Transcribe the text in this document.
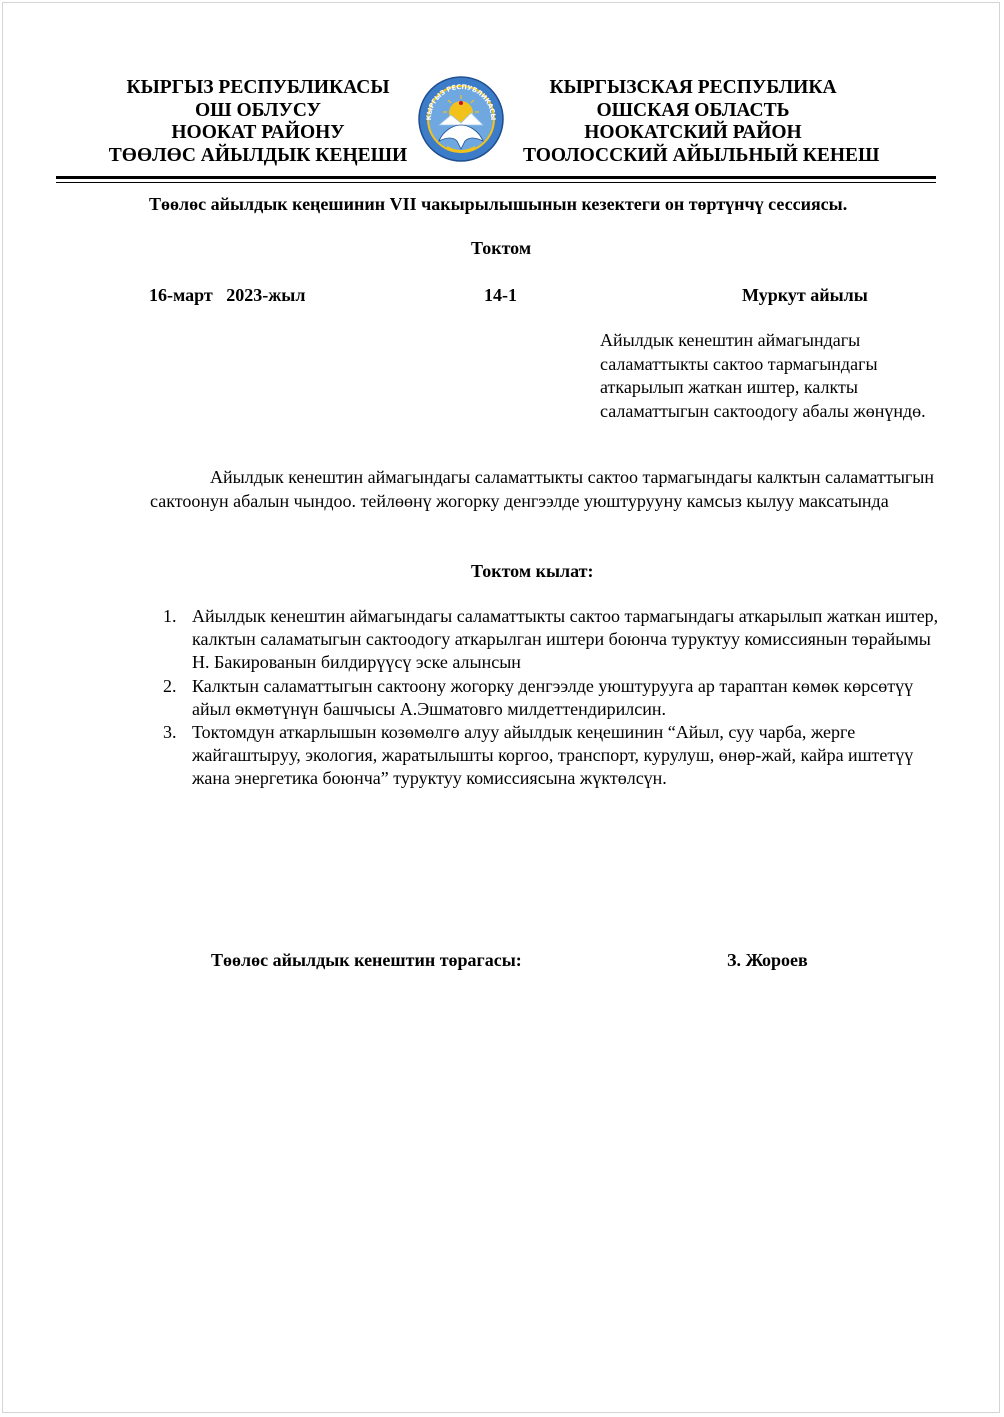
КЫРГЫЗ РЕСПУБЛИКАСЫ
ОШ ОБЛУСУ
НООКАТ РАЙОНУ
ТӨӨЛӨС АЙЫЛДЫК КЕҢЕШИ
КЫРГЫЗ РЕСПУБЛИКАСЫ
КЫРГЫЗСКАЯ РЕСПУБЛИКА
ОШСКАЯ ОБЛАСТЬ
НООКАТСКИЙ РАЙОН
ТООЛОССКИЙ АЙЫЛЬНЫЙ КЕНЕШ
Төөлөс айылдык кеңешинин VII чакырылышынын кезектеги он төртүнчү сессиясы.
Токтом
16-март   2023-жыл	14-1	Муркут айылы
Айылдык кенештин аймагындагы саламаттыкты сактоо тармагындагы аткарылып жаткан иштер, калкты саламаттыгын сактоодогу абалы жөнүндө.
Айылдык кенештин аймагындагы саламаттыкты сактоо тармагындагы калктын саламаттыгын сактоонун абалын чындоо. тейлөөнү жогорку денгээлде уюштурууну камсыз кылуу максатында
Токтом кылат:
1. Айылдык кенештин аймагындагы саламаттыкты сактоо тармагындагы аткарылып жаткан иштер, калктын саламатыгын сактоодогу аткарылган иштери боюнча туруктуу комиссиянын төрайымы Н. Бакированын билдирүүсү эске алынсын
2. Калктын саламаттыгын сактоону жогорку денгээлде уюштурууга ар тараптан көмөк көрсөтүү айыл өкмөтүнүн башчысы А.Эшматовго милдеттендирилсин.
3. Токтомдун аткарлышын козөмөлгө алуу айылдык кеңешинин “Айыл, суу чарба, жерге жайгаштыруу, экология, жаратылышты коргоо, транспорт, курулуш, өнөр-жай, кайра иштетүү жана энергетика боюнча” туруктуу комиссиясына жүктөлсүн.
Төөлөс айылдык кенештин төрагасы:	З. Жороев
